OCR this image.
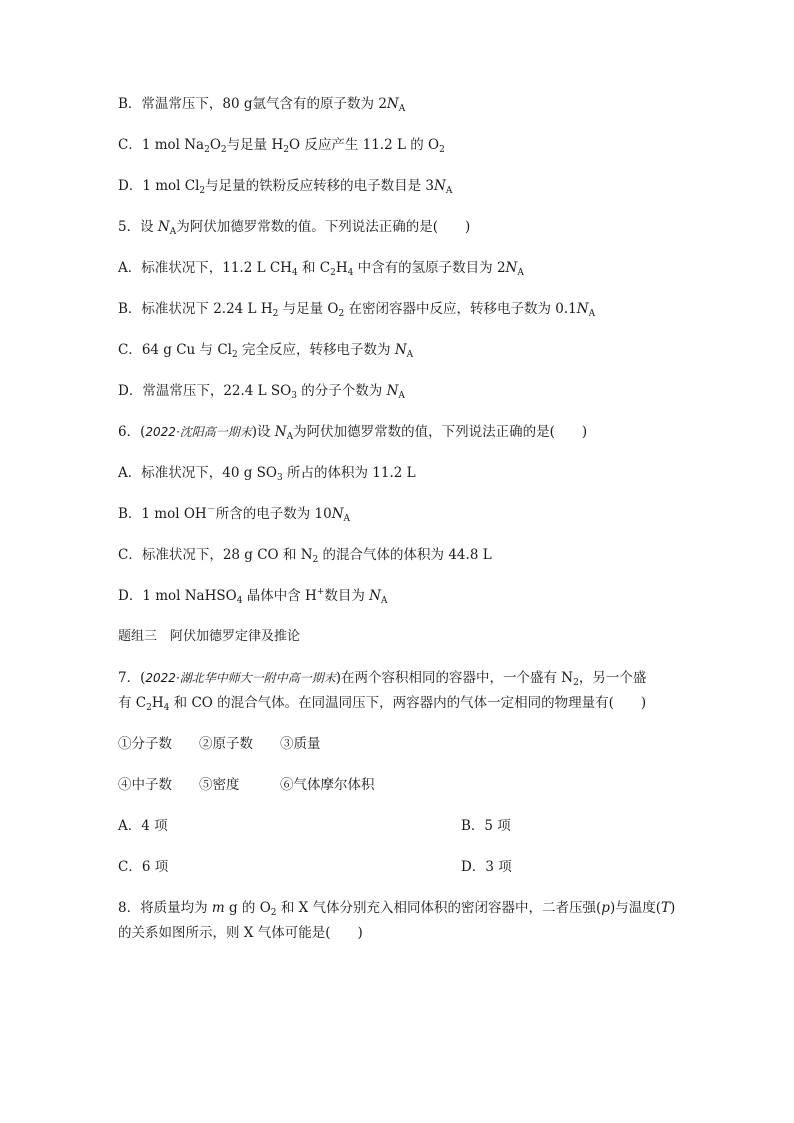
B．常温常压下，80 g氩气含有的原子数为 $2N_A$
C．1 mol $Na_2O_2$与足量 $H_2O$ 反应产生 11.2 L 的 $O_2$
D．1 mol $Cl_2$与足量的铁粉反应转移的电子数目是 $3N_A$
5．设 $N_A$为阿伏加德罗常数的值。下列说法正确的是(　　)
A．标准状况下，11.2 L $CH_4$ 和 $C_2H_4$ 中含有的氢原子数目为 $2N_A$
B．标准状况下 2.24 L $H_2$ 与足量 $O_2$ 在密闭容器中反应，转移电子数为 $0.1N_A$
C．64 g Cu 与 $Cl_2$ 完全反应，转移电子数为 $N_A$
D．常温常压下，22.4 L $SO_3$ 的分子个数为 $N_A$
6．(2022·沈阳高一期末)设 $N_A$为阿伏加德罗常数的值，下列说法正确的是(　　)
A．标准状况下，40 g $SO_3$ 所占的体积为 11.2 L
B．1 mol OH－所含的电子数为 $10N_A$
C．标准状况下，28 g CO 和 $N_2$ 的混合气体的体积为 44.8 L
D．1 mol NaHSO$_4$ 晶体中含 H+数目为 $N_A$
题组三　阿伏加德罗定律及推论
7．(2022·湖北华中师大一附中高一期末)在两个容积相同的容器中，一个盛有 $N_2$，另一个盛
有 $C_2H_4$ 和 CO 的混合气体。在同温同压下，两容器内的气体一定相同的物理量有(　　)
①分子数　　②原子数　　③质量
④中子数　　⑤密度　　　⑥气体摩尔体积
A．4 项	B．5 项
C．6 项	D．3 项
8．将质量均为 m g 的 $O_2$ 和 X 气体分别充入相同体积的密闭容器中，二者压强(p)与温度(T)
的关系如图所示，则 X 气体可能是(　　)
